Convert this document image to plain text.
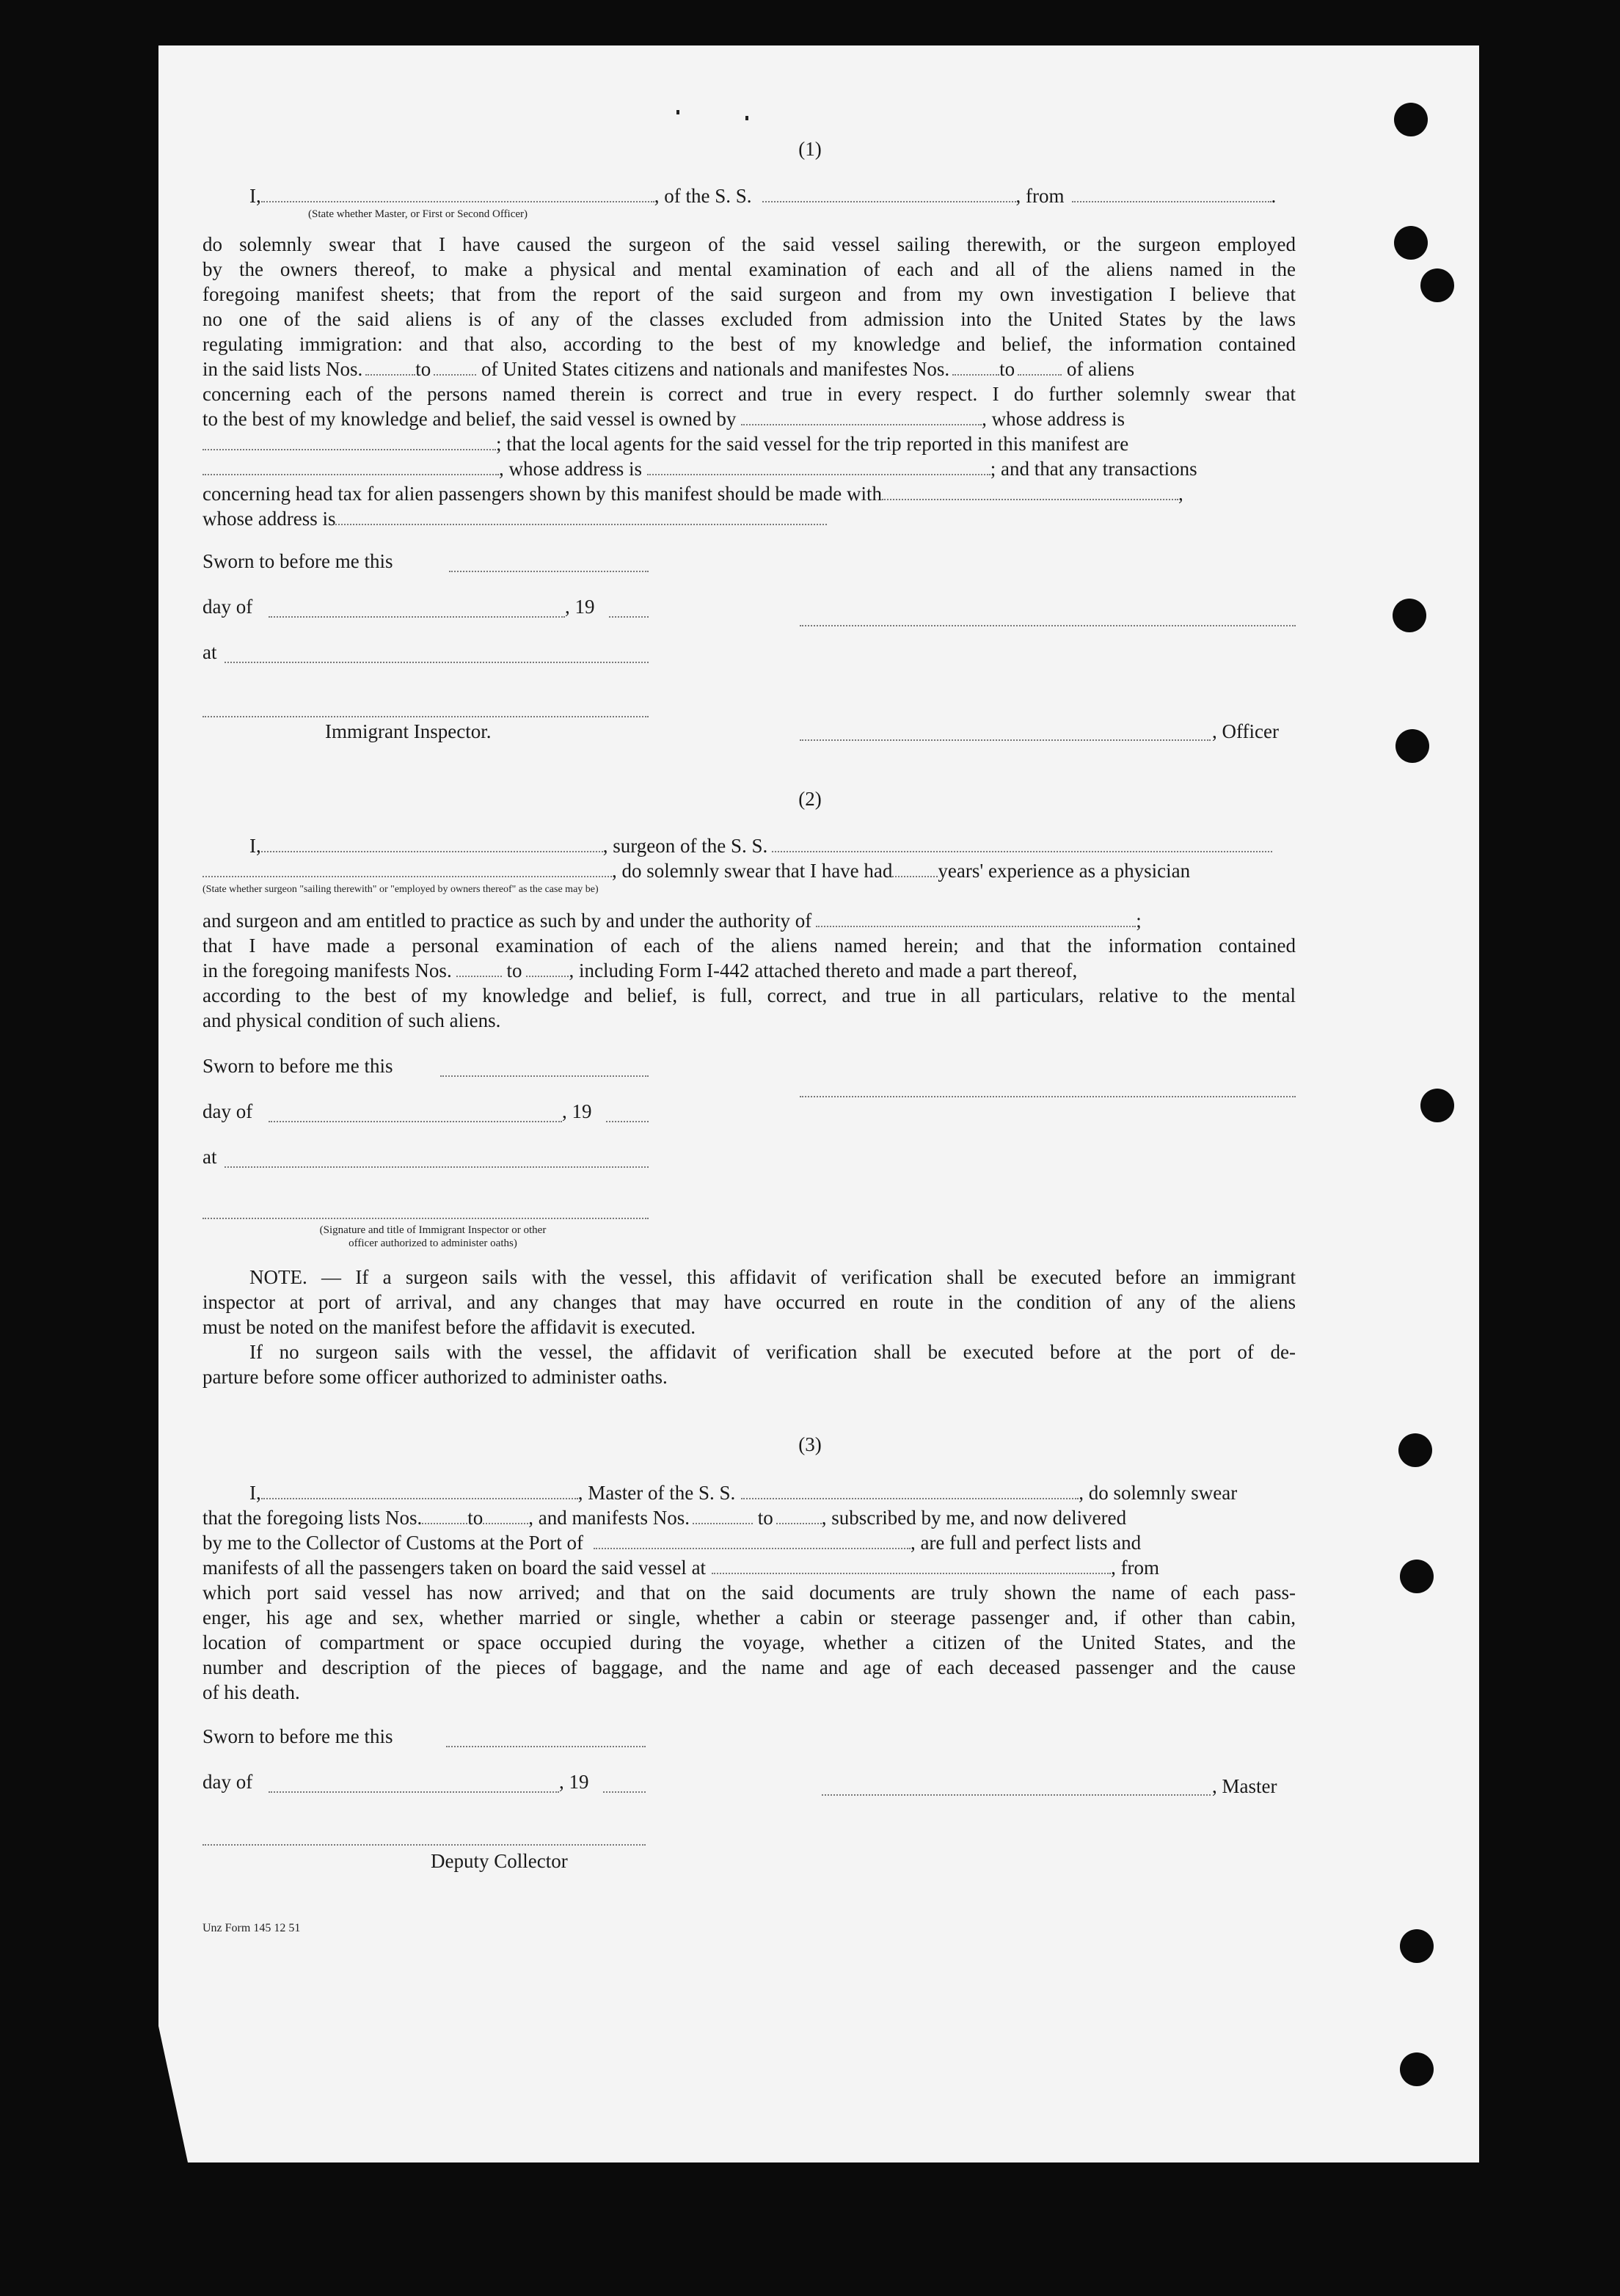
(1)
I,	, of the S. S.	, from	.
(State whether Master, or First or Second Officer)
do solemnly swear that I have caused the surgeon of the said vessel sailing therewith, or the surgeon employed
by the owners thereof, to make a physical and mental examination of each and all of the aliens named in the
foregoing manifest sheets; that from the report of the said surgeon and from my own investigation I believe that
no one of the said aliens is of any of the classes excluded from admission into the United States by the laws
regulating immigration: and that also, according to the best of my knowledge and belief, the information contained
in the said lists Nos.	to	of United States citizens and nationals and manifestes Nos.	to	of aliens
concerning each of the persons named therein is correct and true in every respect. I do further solemnly swear that
to the best of my knowledge and belief, the said vessel is owned by	, whose address is
; that the local agents for the said vessel for the trip reported in this manifest are
, whose address is	; and that any transactions
concerning head tax for alien passengers shown by this manifest should be made with	,
whose address is
Sworn to before me this
day of	, 19
at
Immigrant Inspector.	, Officer
(2)
I,	, surgeon of the S. S.
, do solemnly swear that I have had years' experience as a physician
(State whether surgeon "sailing therewith" or "employed by owners thereof" as the case may be)
and surgeon and am entitled to practice as such by and under the authority of	;
that I have made a personal examination of each of the aliens named herein; and that the information contained
in the foregoing manifests Nos.	to , including Form I-442 attached thereto and made a part thereof,
according to the best of my knowledge and belief, is full, correct, and true in all particulars, relative to the mental
and physical condition of such aliens.
Sworn to before me this
day of	, 19
at
(Signature and title of Immigrant Inspector or other
officer authorized to administer oaths)
NOTE. — If a surgeon sails with the vessel, this affidavit of verification shall be executed before an immigrant
inspector at port of arrival, and any changes that may have occurred en route in the condition of any of the aliens
must be noted on the manifest before the affidavit is executed.
If no surgeon sails with the vessel, the affidavit of verification shall be executed before at the port of de-
parture before some officer authorized to administer oaths.
(3)
I,	, Master of the S. S.	, do solemnly swear
that the foregoing lists Nos. to , and manifests Nos.	to , subscribed by me, and now delivered
by me to the Collector of Customs at the Port of	, are full and perfect lists and
manifests of all the passengers taken on board the said vessel at	, from
which port said vessel has now arrived; and that on the said documents are truly shown the name of each pass-
enger, his age and sex, whether married or single, whether a cabin or steerage passenger and, if other than cabin,
location of compartment or space occupied during the voyage, whether a citizen of the United States, and the
number and description of the pieces of baggage, and the name and age of each deceased passenger and the cause
of his death.
Sworn to before me this
day of	, 19	, Master
Deputy Collector
Unz Form 145 12 51
